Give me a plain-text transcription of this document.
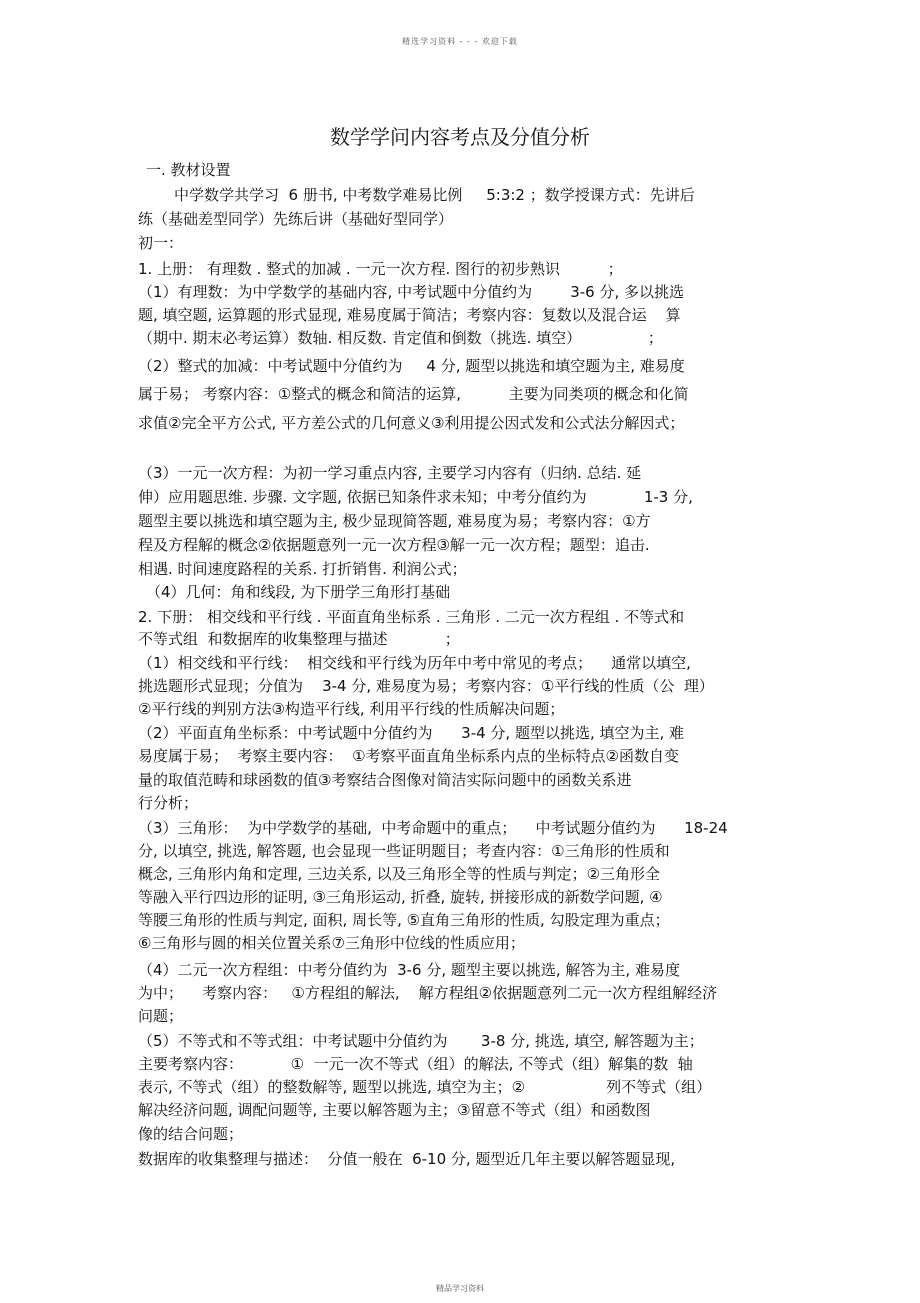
精选学习资料 - - - 欢迎下载
数学学问内容考点及分值分析
一. 教材设置
中学数学共学习  6 册书, 中考数学难易比例     5:3:2 ；数学授课方式：先讲后
练（基础差型同学）先练后讲（基础好型同学）
初一：
1. 上册： 有理数 . 整式的加减 . 一元一次方程. 图行的初步熟识          ；
（1）有理数：为中学数学的基础内容, 中考试题中分值约为        3-6 分, 多以挑选
题, 填空题, 运算题的形式显现, 难易度属于简洁；考察内容：复数以及混合运    算
（期中. 期末必考运算）数轴. 相反数. 肯定值和倒数（挑选. 填空）              ；
（2）整式的加减：中考试题中分值约为     4 分, 题型以挑选和填空题为主, 难易度
属于易； 考察内容：①整式的概念和简洁的运算,          主要为同类项的概念和化简
求值②完全平方公式, 平方差公式的几何意义③利用提公因式发和公式法分解因式；
（3）一元一次方程：为初一学习重点内容, 主要学习内容有（归纳. 总结. 延
伸）应用题思维. 步骤. 文字题, 依据已知条件求未知；中考分值约为            1-3 分,
题型主要以挑选和填空题为主, 极少显现简答题, 难易度为易；考察内容：①方
程及方程解的概念②依据题意列一元一次方程③解一元一次方程；题型：追击.
相遇. 时间速度路程的关系. 打折销售. 利润公式；
（4）几何：角和线段, 为下册学三角形打基础
2. 下册： 相交线和平行线 . 平面直角坐标系 . 三角形 . 二元一次方程组 . 不等式和
不等式组  和数据库的收集整理与描述            ；
（1）相交线和平行线：  相交线和平行线为历年中考中常见的考点；    通常以填空,
挑选题形式显现；分值为    3-4 分, 难易度为易；考察内容：①平行线的性质（公  理）
②平行线的判别方法③构造平行线, 利用平行线的性质解决问题；
（2）平面直角坐标系：中考试题中分值约为      3-4 分, 题型以挑选, 填空为主, 难
易度属于易；  考察主要内容：  ①考察平面直角坐标系内点的坐标特点②函数自变
量的取值范畴和球函数的值③考察结合图像对简洁实际问题中的函数关系进
行分析；
（3）三角形：  为中学数学的基础,  中考命题中的重点；    中考试题分值约为      18-24
分, 以填空, 挑选, 解答题, 也会显现一些证明题目；考查内容：①三角形的性质和
概念, 三角形内角和定理, 三边关系, 以及三角形全等的性质与判定；②三角形全
等融入平行四边形的证明, ③三角形运动, 折叠, 旋转, 拼接形成的新数学问题, ④
等腰三角形的性质与判定, 面积, 周长等, ⑤直角三角形的性质, 勾股定理为重点；
⑥三角形与圆的相关位置关系⑦三角形中位线的性质应用；
（4）二元一次方程组：中考分值约为  3-6 分, 题型主要以挑选, 解答为主, 难易度
为中；    考察内容：   ①方程组的解法,    解方程组②依据题意列二元一次方程组解经济
问题；
（5）不等式和不等式组：中考试题中分值约为       3-8 分, 挑选, 填空, 解答题为主；
主要考察内容：          ①  一元一次不等式（组）的解法, 不等式（组）解集的数  轴
表示, 不等式（组）的整数解等, 题型以挑选, 填空为主；②                 列不等式（组）
解决经济问题, 调配问题等, 主要以解答题为主；③留意不等式（组）和函数图
像的结合问题；
数据库的收集整理与描述：  分值一般在  6-10 分, 题型近几年主要以解答题显现,
精品学习资料
